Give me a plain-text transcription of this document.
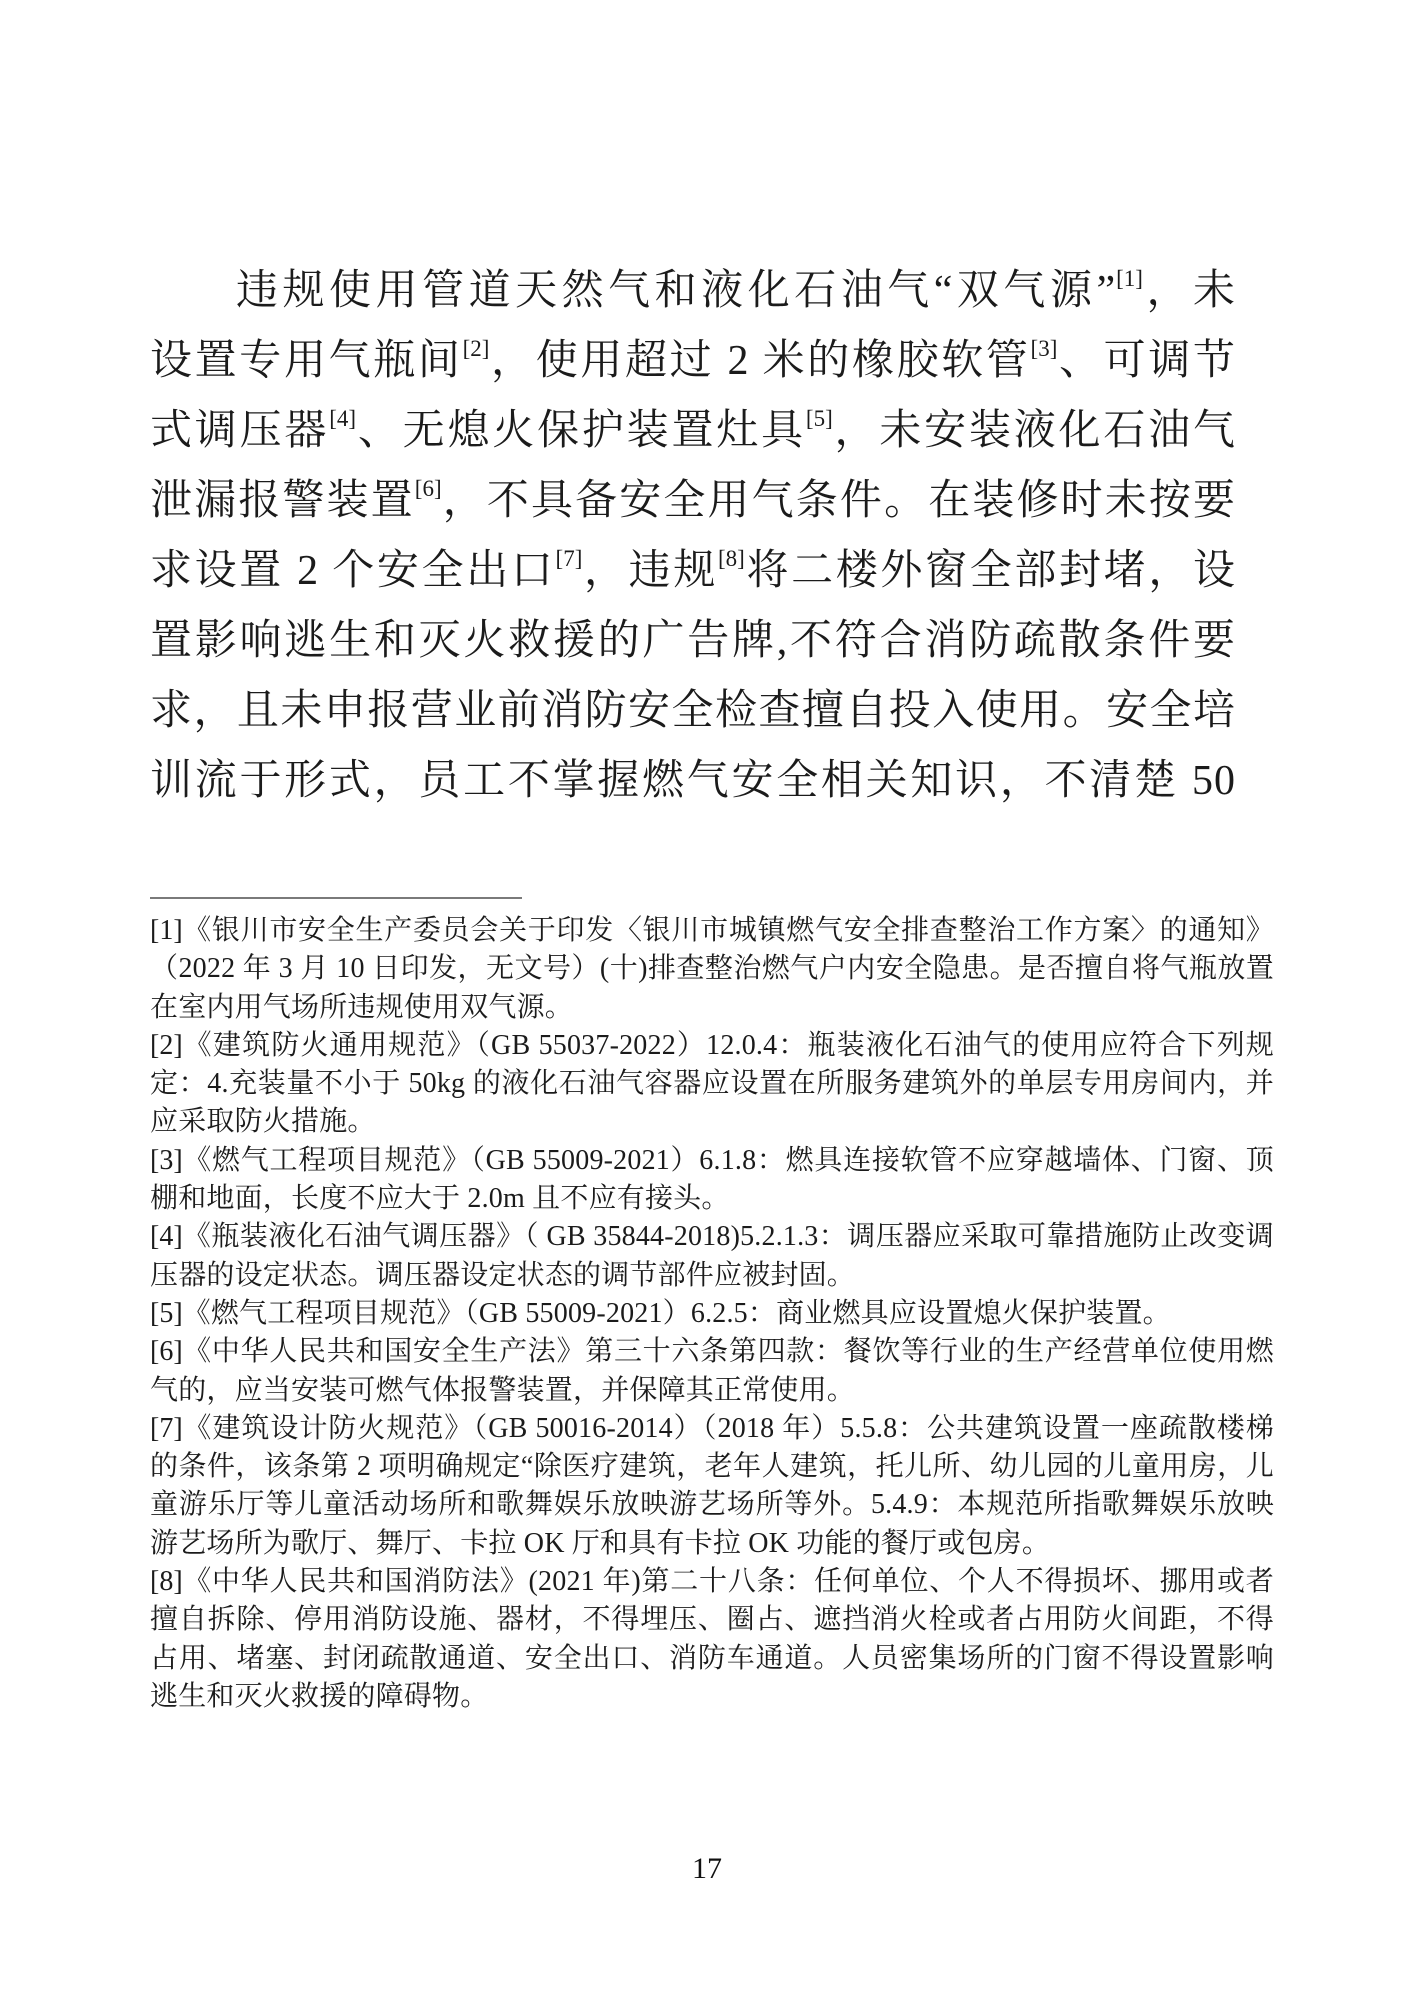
违规使用管道天然气和液化石油气“双气源”[1]，未
设置专用气瓶间[2]，使用超过 2 米的橡胶软管[3]、可调节
式调压器[4]、无熄火保护装置灶具[5]，未安装液化石油气
泄漏报警装置[6]，不具备安全用气条件。在装修时未按要
求设置 2 个安全出口[7]，违规[8]将二楼外窗全部封堵，设
置影响逃生和灭火救援的广告牌,不符合消防疏散条件要
求，且未申报营业前消防安全检查擅自投入使用。安全培
训流于形式，员工不掌握燃气安全相关知识，不清楚 50
[1]《银川市安全生产委员会关于印发〈银川市城镇燃气安全排查整治工作方案〉的通知》（2022 年 3 月 10 日印发，无文号）(十)排查整治燃气户内安全隐患。是否擅自将气瓶放置在室内用气场所违规使用双气源。
[2]《建筑防火通用规范》（GB 55037-2022）12.0.4：瓶装液化石油气的使用应符合下列规定：4.充装量不小于 50kg 的液化石油气容器应设置在所服务建筑外的单层专用房间内，并应采取防火措施。
[3]《燃气工程项目规范》（GB 55009-2021）6.1.8：燃具连接软管不应穿越墙体、门窗、顶棚和地面，长度不应大于 2.0m 且不应有接头。
[4]《瓶装液化石油气调压器》（ GB 35844-2018)5.2.1.3：调压器应采取可靠措施防止改变调压器的设定状态。调压器设定状态的调节部件应被封固。
[5]《燃气工程项目规范》（GB 55009-2021）6.2.5：商业燃具应设置熄火保护装置。
[6]《中华人民共和国安全生产法》第三十六条第四款：餐饮等行业的生产经营单位使用燃气的，应当安装可燃气体报警装置，并保障其正常使用。
[7]《建筑设计防火规范》（GB 50016-2014）（2018 年）5.5.8：公共建筑设置一座疏散楼梯的条件，该条第 2 项明确规定“除医疗建筑，老年人建筑，托儿所、幼儿园的儿童用房，儿童游乐厅等儿童活动场所和歌舞娱乐放映游艺场所等外。5.4.9：本规范所指歌舞娱乐放映游艺场所为歌厅、舞厅、卡拉 OK 厅和具有卡拉 OK 功能的餐厅或包房。
[8]《中华人民共和国消防法》(2021 年)第二十八条：任何单位、个人不得损坏、挪用或者擅自拆除、停用消防设施、器材，不得埋压、圈占、遮挡消火栓或者占用防火间距，不得占用、堵塞、封闭疏散通道、安全出口、消防车通道。人员密集场所的门窗不得设置影响逃生和灭火救援的障碍物。
17
